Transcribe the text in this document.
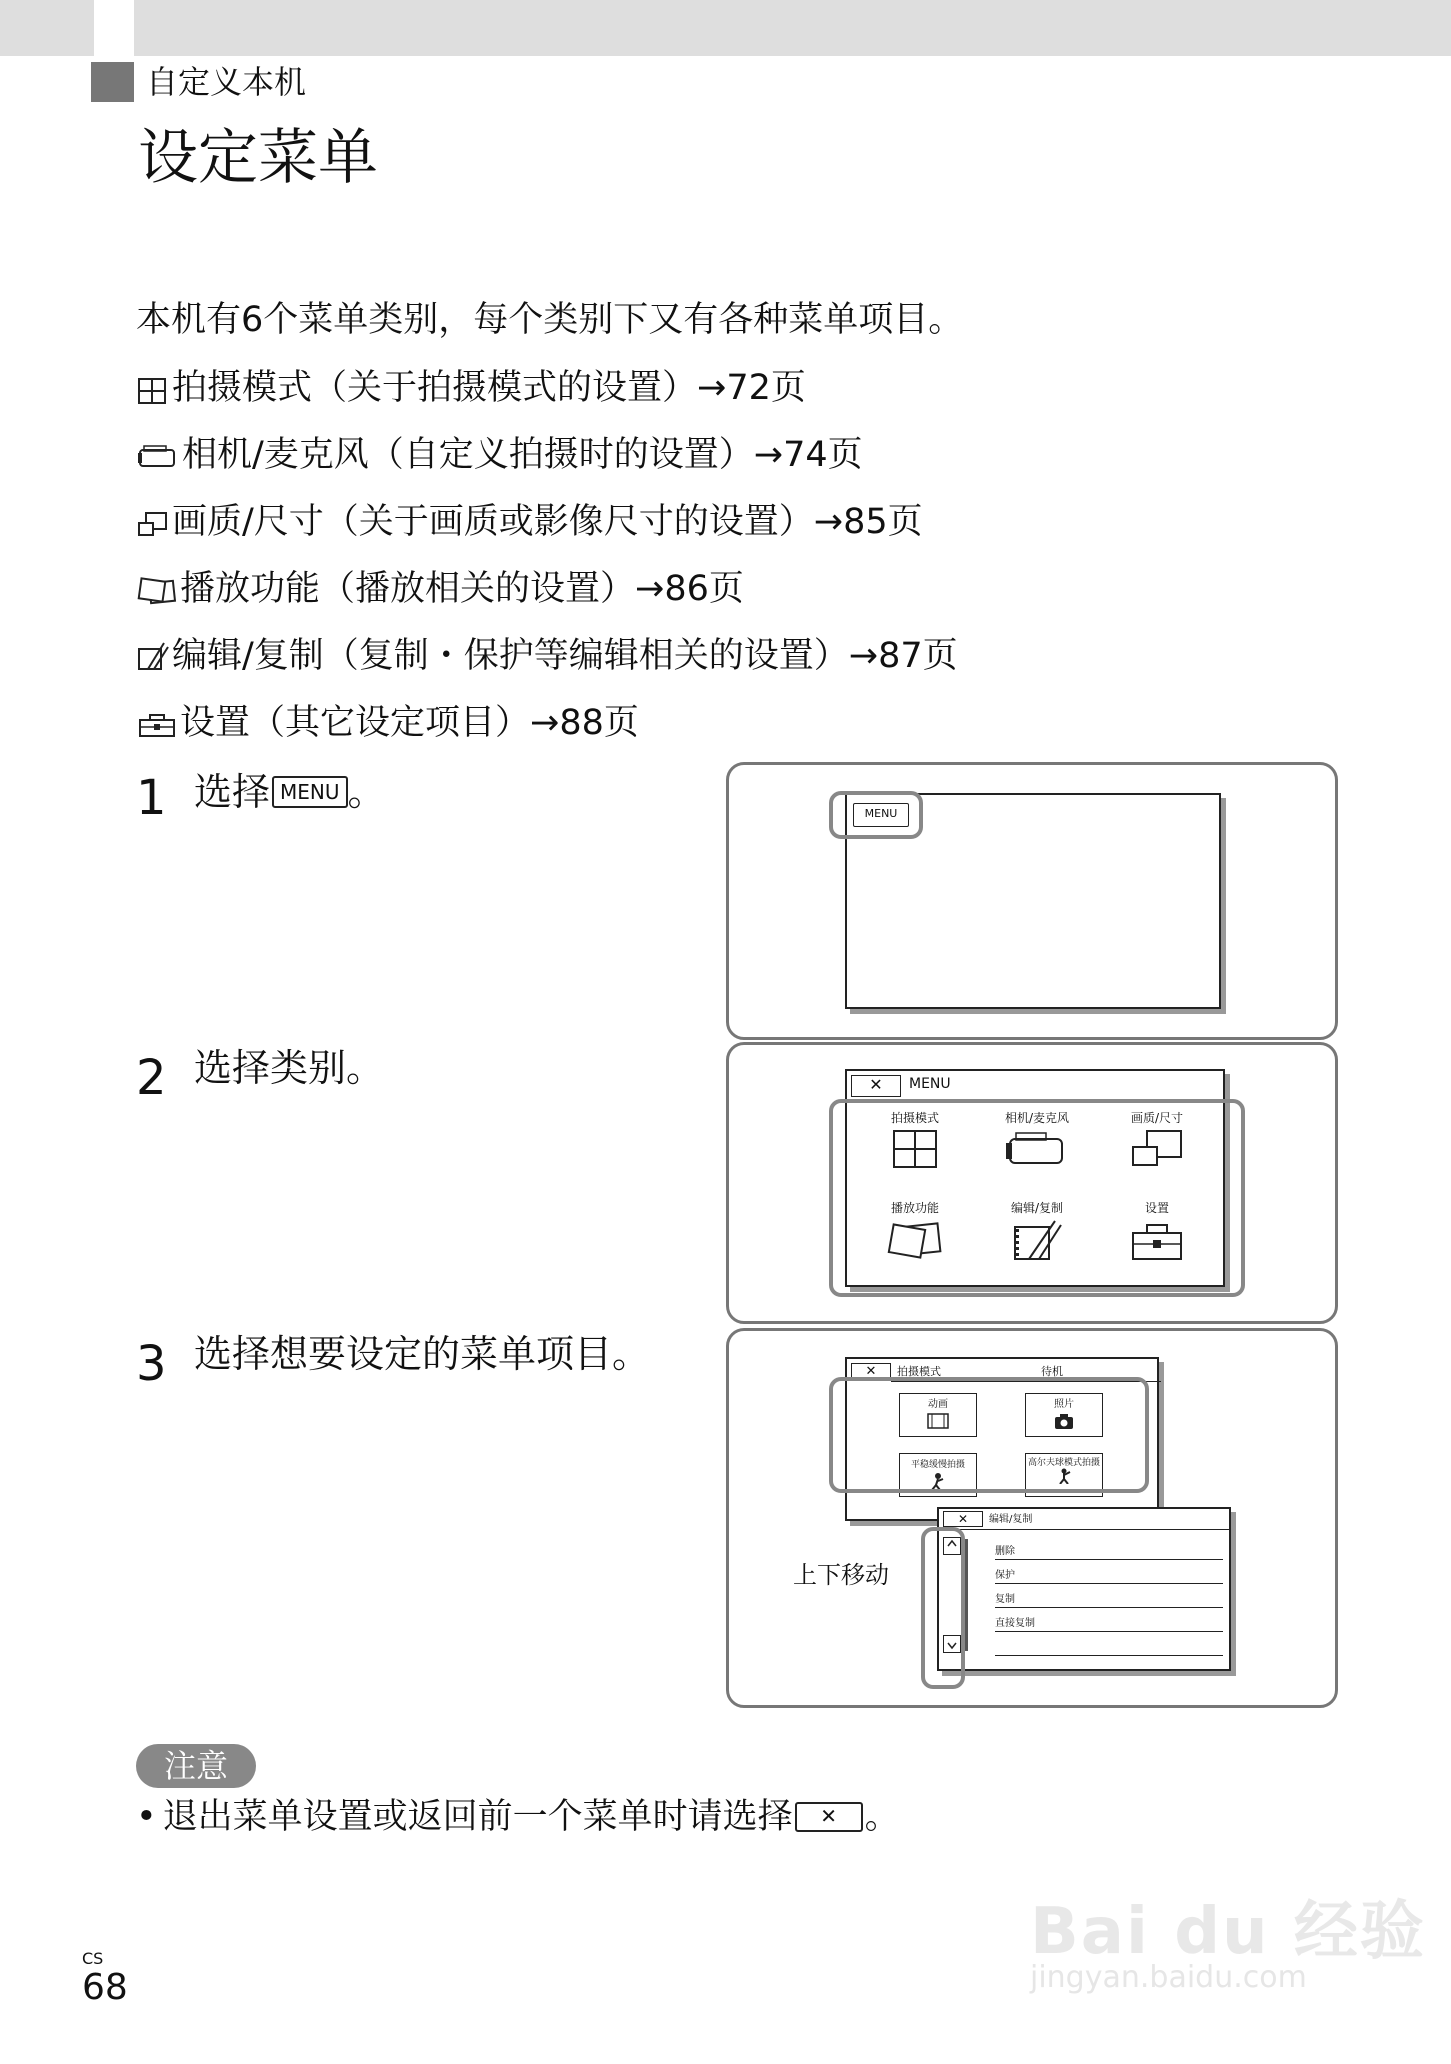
自定义本机
设定菜单
本机有6个菜单类别，每个类别下又有各种菜单项目。
拍摄模式（关于拍摄模式的设置）→72页
相机/麦克风（自定义拍摄时的设置）→74页
画质/尺寸（关于画质或影像尺寸的设置）→85页
播放功能（播放相关的设置）→86页
编辑/复制（复制・保护等编辑相关的设置）→87页
设置（其它设定项目）→88页
1 选择 MENU 。
2 选择类别。
3 选择想要设定的菜单项目。
MENU
✕	MENU
拍摄模式	相机/麦克风	画质/尺寸
播放功能	编辑/复制	设置
✕	拍摄模式	待机
动画	照片
平稳缓慢拍摄	高尔夫球模式拍摄
✕	编辑/复制
删除
保护
复制
直接复制
上下移动
注意
• 退出菜单设置或返回前一个菜单时请选择	✕ 。
CS
68
Bai du 经验
jingyan.baidu.com
